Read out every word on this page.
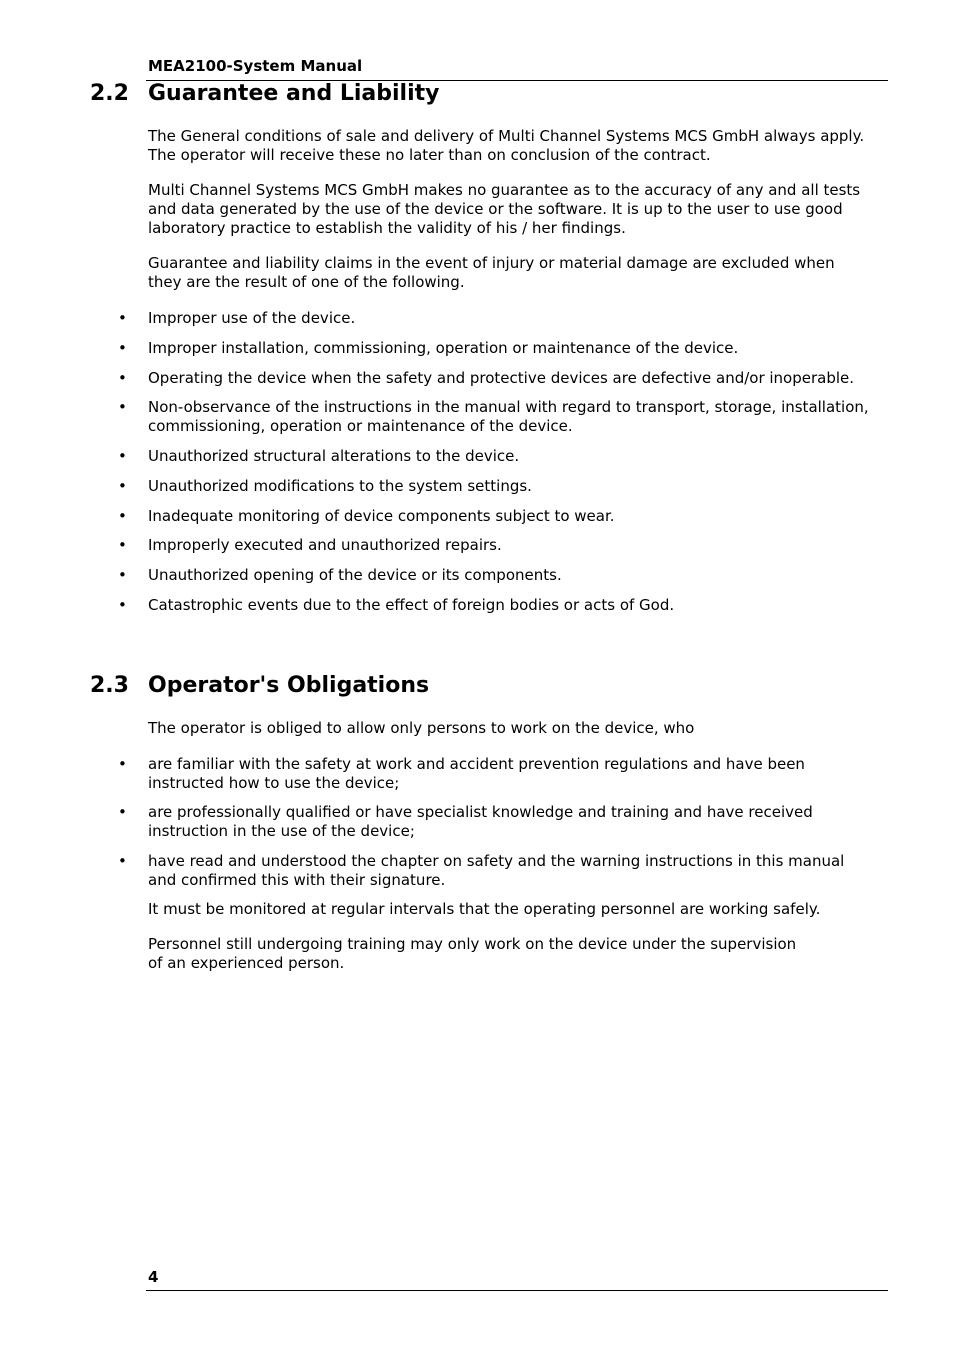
MEA2100-System Manual
2.2 Guarantee and Liability

The General conditions of sale and delivery of Multi Channel Systems MCS GmbH always apply.
The operator will receive these no later than on conclusion of the contract.

Multi Channel Systems MCS GmbH makes no guarantee as to the accuracy of any and all tests
and data generated by the use of the device or the software. It is up to the user to use good
laboratory practice to establish the validity of his / her findings.

Guarantee and liability claims in the event of injury or material damage are excluded when
they are the result of one of the following.

• Improper use of the device.
• Improper installation, commissioning, operation or maintenance of the device.
• Operating the device when the safety and protective devices are defective and/or inoperable.
• Non-observance of the instructions in the manual with regard to transport, storage, installation,
commissioning, operation or maintenance of the device.
• Unauthorized structural alterations to the device.
• Unauthorized modifications to the system settings.
• Inadequate monitoring of device components subject to wear.
• Improperly executed and unauthorized repairs.
• Unauthorized opening of the device or its components.
• Catastrophic events due to the effect of foreign bodies or acts of God.
2.3 Operator's Obligations

The operator is obliged to allow only persons to work on the device, who

• are familiar with the safety at work and accident prevention regulations and have been
instructed how to use the device;
• are professionally qualified or have specialist knowledge and training and have received
instruction in the use of the device;
• have read and understood the chapter on safety and the warning instructions in this manual
and confirmed this with their signature.

It must be monitored at regular intervals that the operating personnel are working safely.

Personnel still undergoing training may only work on the device under the supervision
of an experienced person.

4
